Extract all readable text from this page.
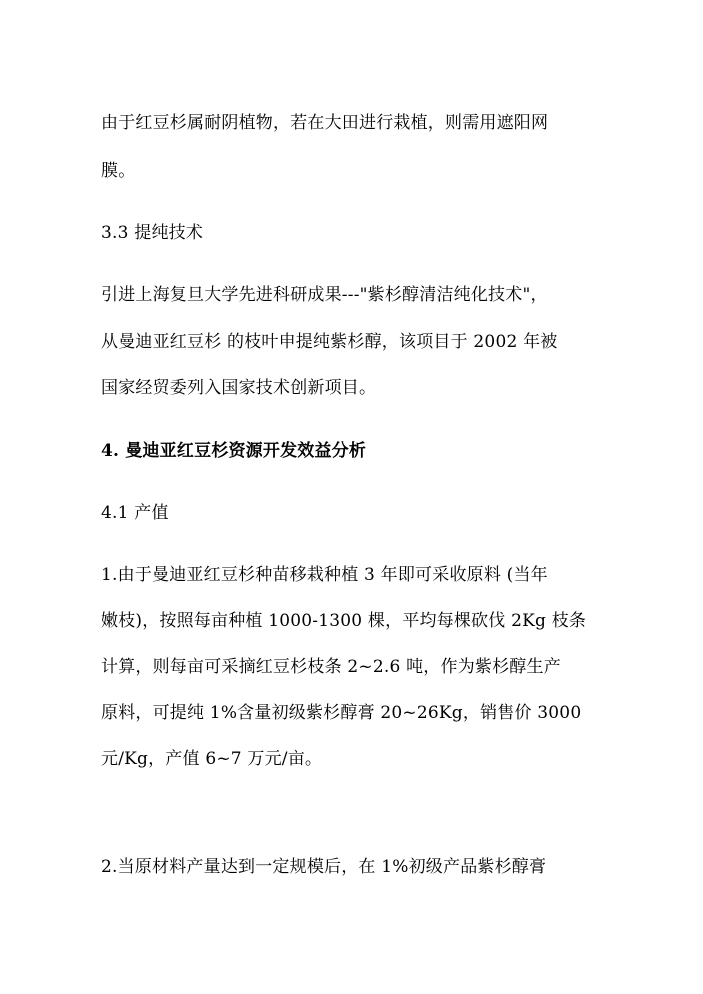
由于红豆杉属耐阴植物，若在大田进行栽植，则需用遮阳网
膜。
3.3 提纯技术
引进上海复旦大学先进科研成果---"紫杉醇清洁纯化技术"，
从曼迪亚红豆杉 的枝叶申提纯紫杉醇，该项目于 2002 年被
国家经贸委列入国家技术创新项目。
4. 曼迪亚红豆杉资源开发效益分析
4.1 产值
1.由于曼迪亚红豆杉种苗移栽种植 3 年即可采收原料 (当年
嫩枝)，按照每亩种植 1000-1300 棵，平均每棵砍伐 2Kg 枝条
计算，则每亩可采摘红豆杉枝条 2~2.6 吨，作为紫杉醇生产
原料，可提纯 1%含量初级紫杉醇膏 20~26Kg，销售价 3000
元/Kg，产值 6~7 万元/亩。
2.当原材料产量达到一定规模后，在 1%初级产品紫杉醇膏
